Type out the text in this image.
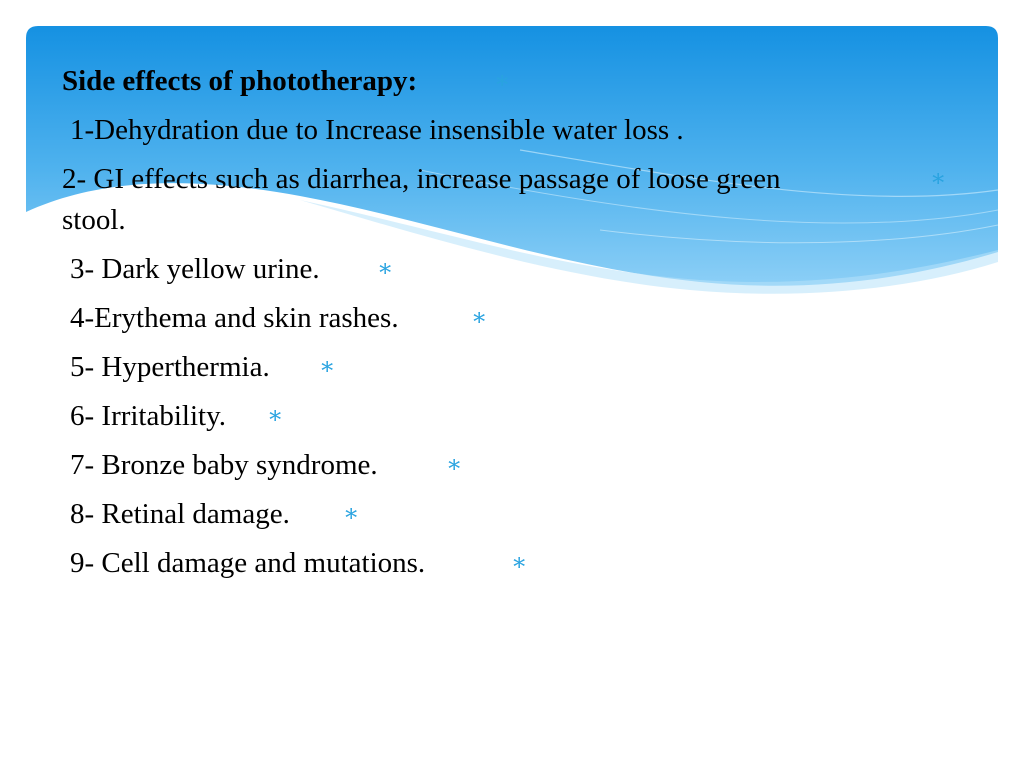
Side effects of phototherapy:	∗
1-Dehydration due to Increase insensible water loss .
2- GI effects such as diarrhea, increase passage of loose green	∗
stool.
3- Dark yellow urine. ∗
4-Erythema and skin rashes.	∗
5- Hyperthermia. ∗
6- Irritability. ∗
7- Bronze baby syndrome.	∗
8- Retinal damage. ∗
9- Cell damage and mutations.	∗
